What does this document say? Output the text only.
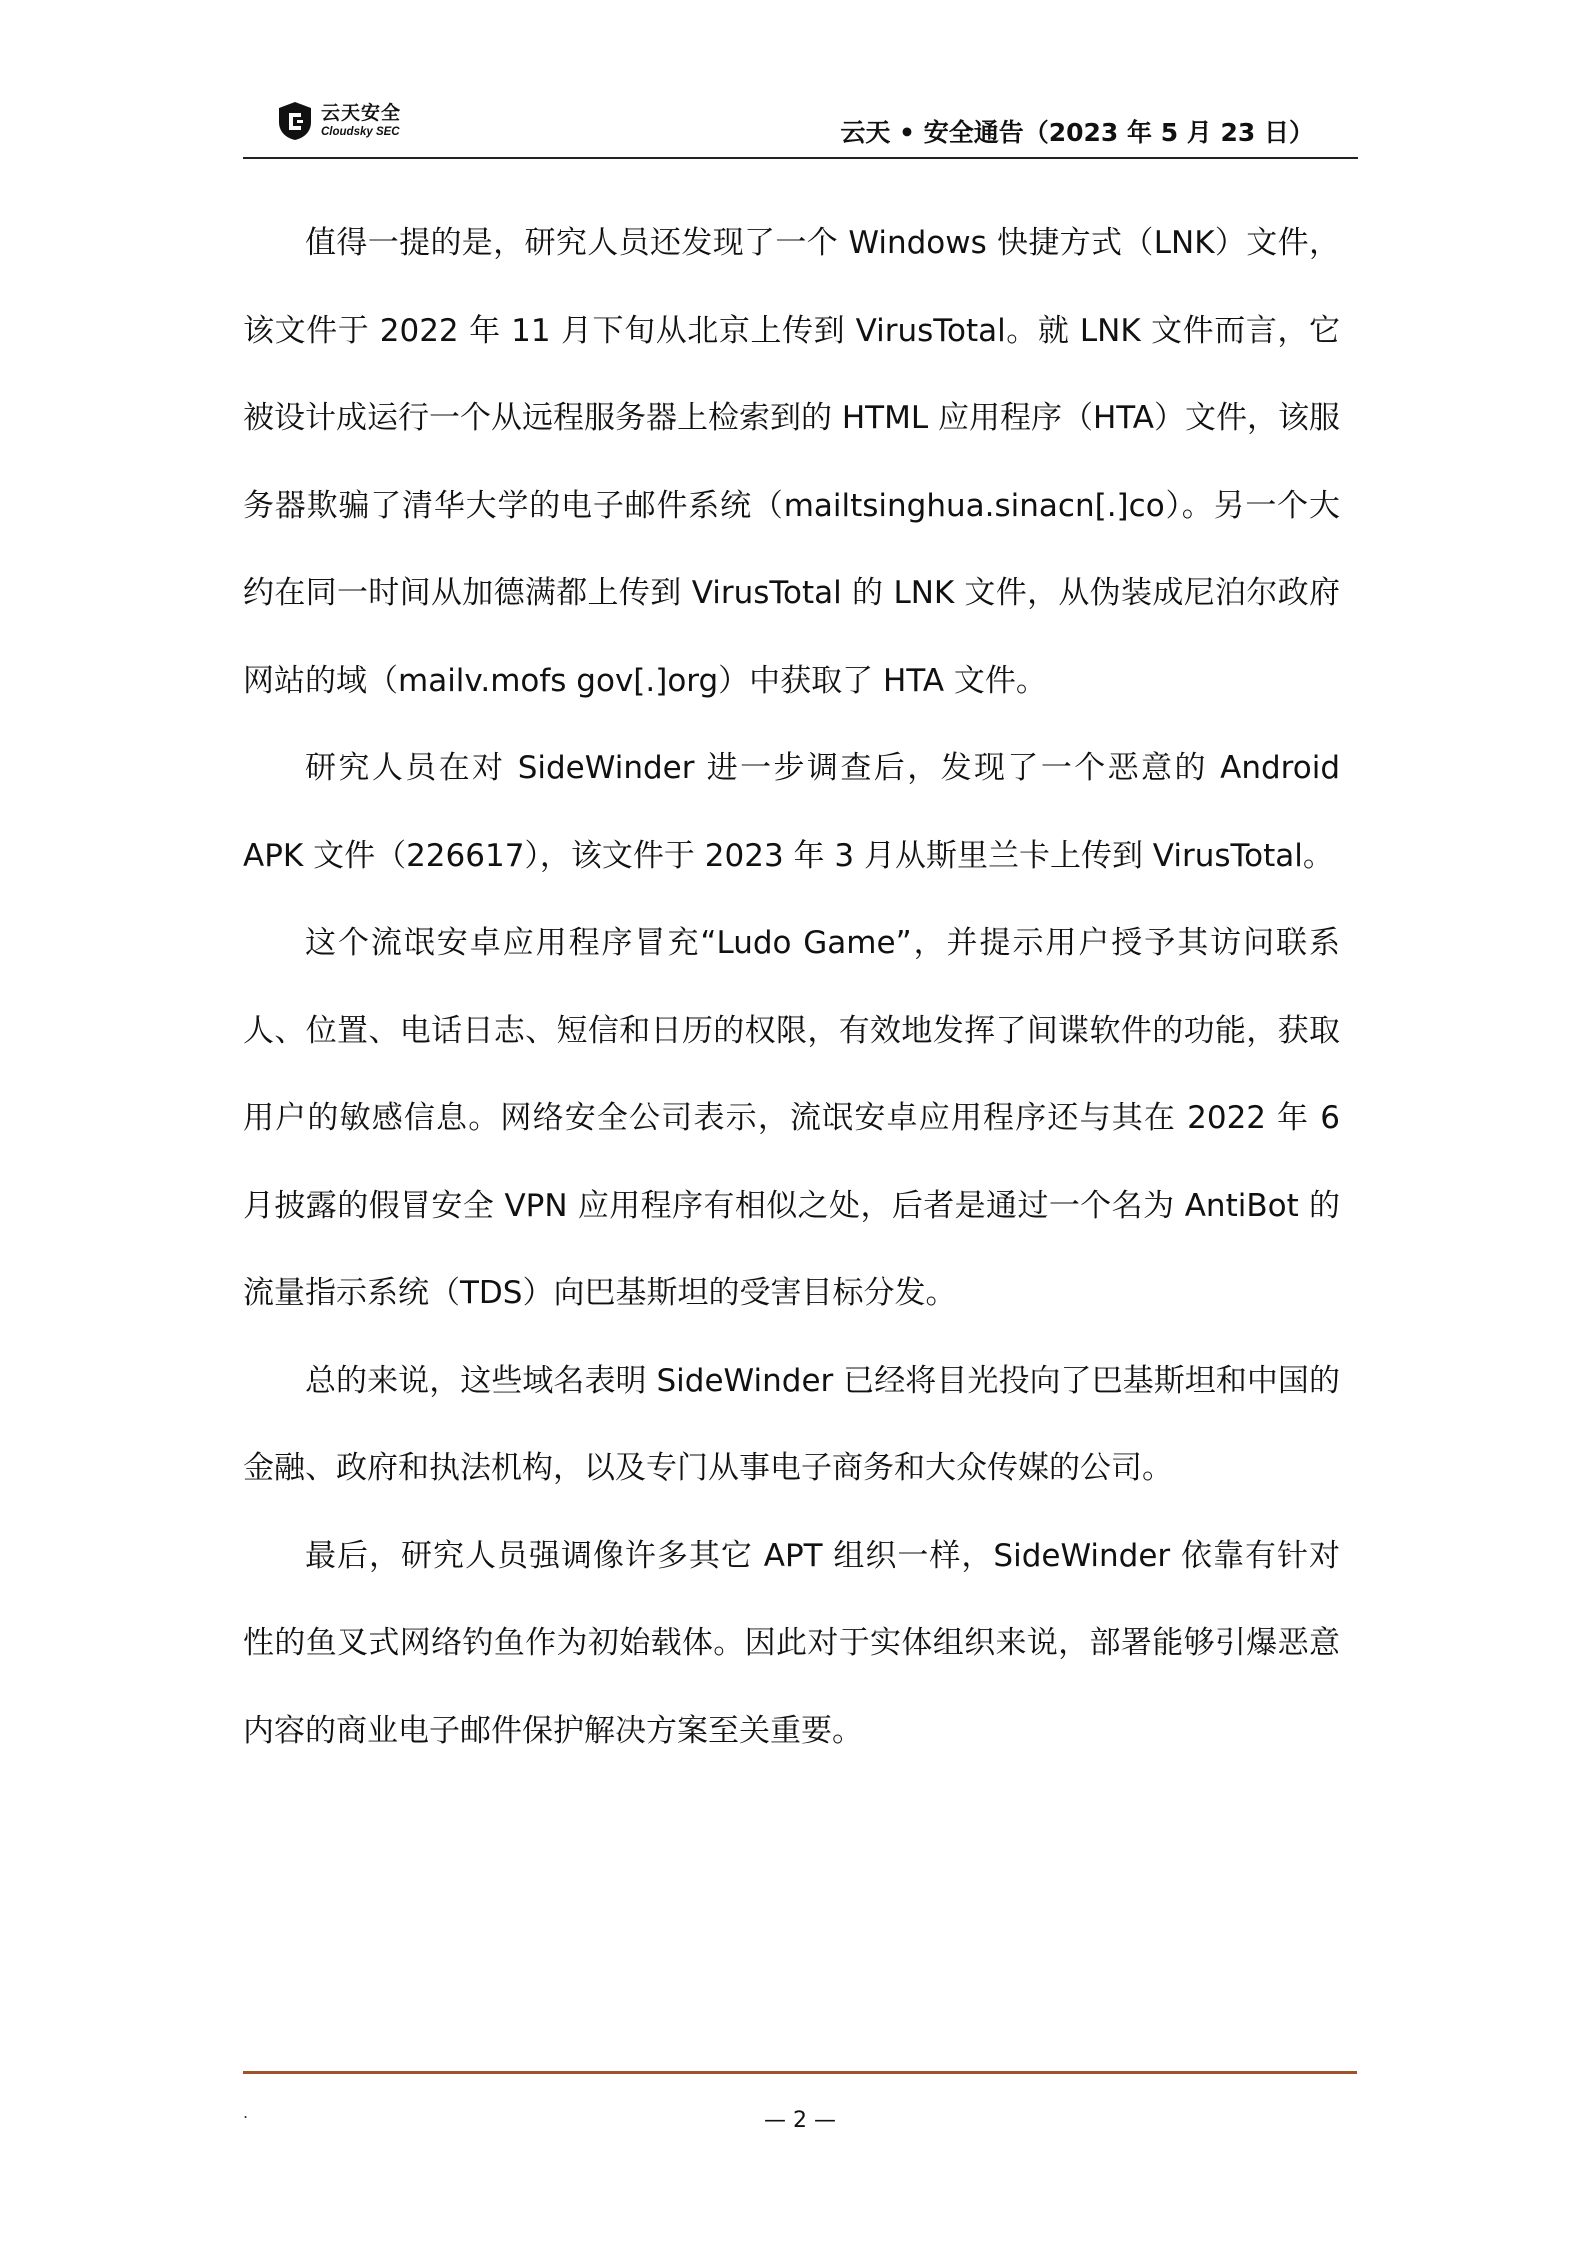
云天安全
Cloudsky SEC	云天 • 安全通告（2023 年 5 月 23 日）

值得一提的是，研究人员还发现了一个 Windows 快捷方式（LNK）文件，该文件于 2022 年 11 月下旬从北京上传到 VirusTotal。就 LNK 文件而言，它被设计成运行一个从远程服务器上检索到的 HTML 应用程序（HTA）文件，该服务器欺骗了清华大学的电子邮件系统（mailtsinghua.sinacn[.]co）。另一个大约在同一时间从加德满都上传到 VirusTotal 的 LNK 文件，从伪装成尼泊尔政府网站的域（mailv.mofs gov[.]org）中获取了 HTA 文件。

研究人员在对 SideWinder 进一步调查后，发现了一个恶意的 Android APK 文件（226617），该文件于 2023 年 3 月从斯里兰卡上传到 VirusTotal。

这个流氓安卓应用程序冒充“Ludo Game”，并提示用户授予其访问联系人、位置、电话日志、短信和日历的权限，有效地发挥了间谍软件的功能，获取用户的敏感信息。网络安全公司表示，流氓安卓应用程序还与其在 2022 年 6 月披露的假冒安全 VPN 应用程序有相似之处，后者是通过一个名为 AntiBot 的流量指示系统（TDS）向巴基斯坦的受害目标分发。

总的来说，这些域名表明 SideWinder 已经将目光投向了巴基斯坦和中国的金融、政府和执法机构，以及专门从事电子商务和大众传媒的公司。

最后，研究人员强调像许多其它 APT 组织一样，SideWinder 依靠有针对性的鱼叉式网络钓鱼作为初始载体。因此对于实体组织来说，部署能够引爆恶意内容的商业电子邮件保护解决方案至关重要。

.	— 2 —
